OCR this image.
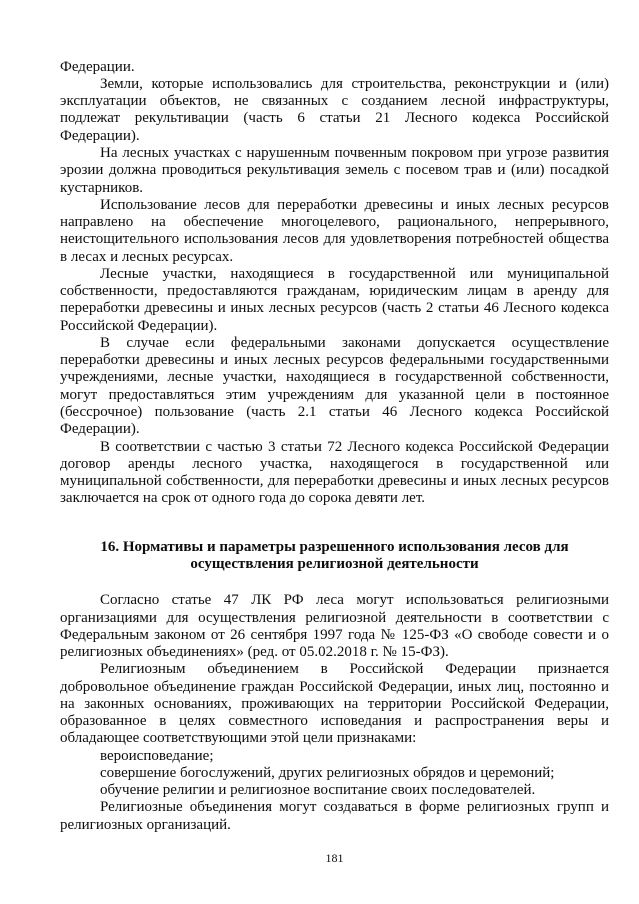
Федерации.
Земли, которые использовались для строительства, реконструкции и (или)
эксплуатации объектов, не связанных с созданием лесной инфраструктуры,
подлежат рекультивации (часть 6 статьи 21 Лесного кодекса Российской
Федерации).
На лесных участках с нарушенным почвенным покровом при угрозе развития
эрозии должна проводиться рекультивация земель с посевом трав и (или) посадкой
кустарников.
Использование лесов для переработки древесины и иных лесных ресурсов
направлено на обеспечение многоцелевого, рационального, непрерывного,
неистощительного использования лесов для удовлетворения потребностей общества
в лесах и лесных ресурсах.
Лесные участки, находящиеся в государственной или муниципальной
собственности, предоставляются гражданам, юридическим лицам в аренду для
переработки древесины и иных лесных ресурсов (часть 2 статьи 46 Лесного кодекса
Российской Федерации).
В случае если федеральными законами допускается осуществление
переработки древесины и иных лесных ресурсов федеральными государственными
учреждениями, лесные участки, находящиеся в государственной собственности,
могут предоставляться этим учреждениям для указанной цели в постоянное
(бессрочное) пользование (часть 2.1 статьи 46 Лесного кодекса Российской
Федерации).
В соответствии с частью 3 статьи 72 Лесного кодекса Российской Федерации
договор аренды лесного участка, находящегося в государственной или
муниципальной собственности, для переработки древесины и иных лесных ресурсов
заключается на срок от одного года до сорока девяти лет.
16. Нормативы и параметры разрешенного использования лесов для
осуществления религиозной деятельности
Согласно статье 47 ЛК РФ леса могут использоваться религиозными
организациями для осуществления религиозной деятельности в соответствии с
Федеральным законом от 26 сентября 1997 года № 125-ФЗ «О свободе совести и о
религиозных объединениях» (ред. от 05.02.2018 г. № 15-ФЗ).
Религиозным объединением в Российской Федерации признается
добровольное объединение граждан Российской Федерации, иных лиц, постоянно и
на законных основаниях, проживающих на территории Российской Федерации,
образованное в целях совместного исповедания и распространения веры и
обладающее соответствующими этой цели признаками:
вероисповедание;
совершение богослужений, других религиозных обрядов и церемоний;
обучение религии и религиозное воспитание своих последователей.
Религиозные объединения могут создаваться в форме религиозных групп и
религиозных организаций.
181
